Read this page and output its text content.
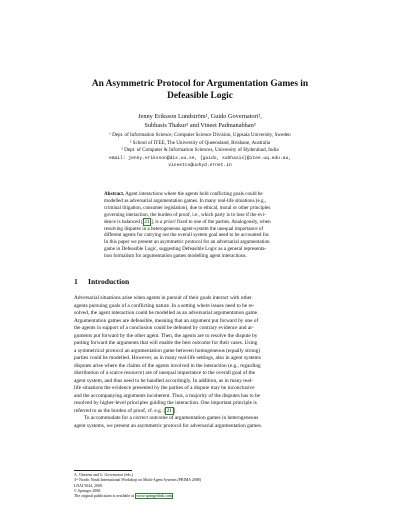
An Asymmetric Protocol for Argumentation Games in
Defeasible Logic
Jenny Eriksson Lundström¹, Guido Governatori²,
Subhasis Thakur² and Vineet Padmanabhan³
¹ Dept. of Information Science, Computer Science Division, Uppsala University, Sweden
² School of ITEE, The University of Queensland, Brisbane, Australia
³ Dept. of Computer & Information Sciences, University of Hyderabad, India
email: jenny.eriksson@dis.uu.se, {guido, subhasis}@itee.uq.edu.au,
vineetcs@uohyd.ernet.in
Abstract. Agent interactions where the agents hold conflicting goals could be
modelled as adversarial argumentation games. In many real-life situations (e.g.,
criminal litigation, consumer legislation), due to ethical, moral or other principles
governing interaction, the burden of proof, i.e., which party is to lose if the evi-
dence is balanced [ 21 ], is a priori fixed to one of the parties. Analogously, when
resolving disputes in a heterogeneous agent-system the unequal importance of
different agents for carrying out the overall system goal need to be accounted for.
In this paper we present an asymmetric protocol for an adversarial argumentation
game in Defeasible Logic, suggesting Defeasible Logic as a general representa-
tion formalism for argumentation games modelling agent interactions.
1 Introduction
Adversarial situations arise when agents in pursuit of their goals interact with other
agents pursuing goals of a conflicting nature. In a setting where issues need to be re-
solved, the agent interaction could be modelled as an adversarial argumentation game.
Argumentation games are defeasible, meaning that an argument put forward by one of
the agents in support of a conclusion could be defeated by contrary evidence and ar-
guments put forward by the other agent. Then, the agents are to resolve the dispute by
putting forward the arguments that will enable the best outcome for their cases. Using
a symmetrical protocol an argumentation game between homogeneous (equally strong)
parties could be modelled. However, as in many real-life settings, also in agent systems
disputes arise where the claims of the agents involved in the interaction (e.g., regarding
distribution of a scarce resource) are of unequal importance to the overall goal of the
agent system, and thus need to be handled accordingly. In addition, as in many real-
life situations the evidence presented by the parties of a dispute may be inconclusive
and the accompanying arguments incoherent. Thus, a majority of the disputes has to be
resolved by higher-level principles guiding the interaction. One important principle is
referred to as the burden of proof, cf. e.g. [ 21 ].
To accommodate for a correct outcome of argumentation games in heterogeneous
agent systems, we present an asymmetric protocol for adversarial argumentation games.
A. Oitavem and G. Governatori (eds.)
3ʳᵈ Nordic Ninth International Workshop on Multi-Agent Systems (PRIMA 2008)
LNAI 5044, 2008.
© Springer 2008.
The original publication is available at www.springerlink.com
